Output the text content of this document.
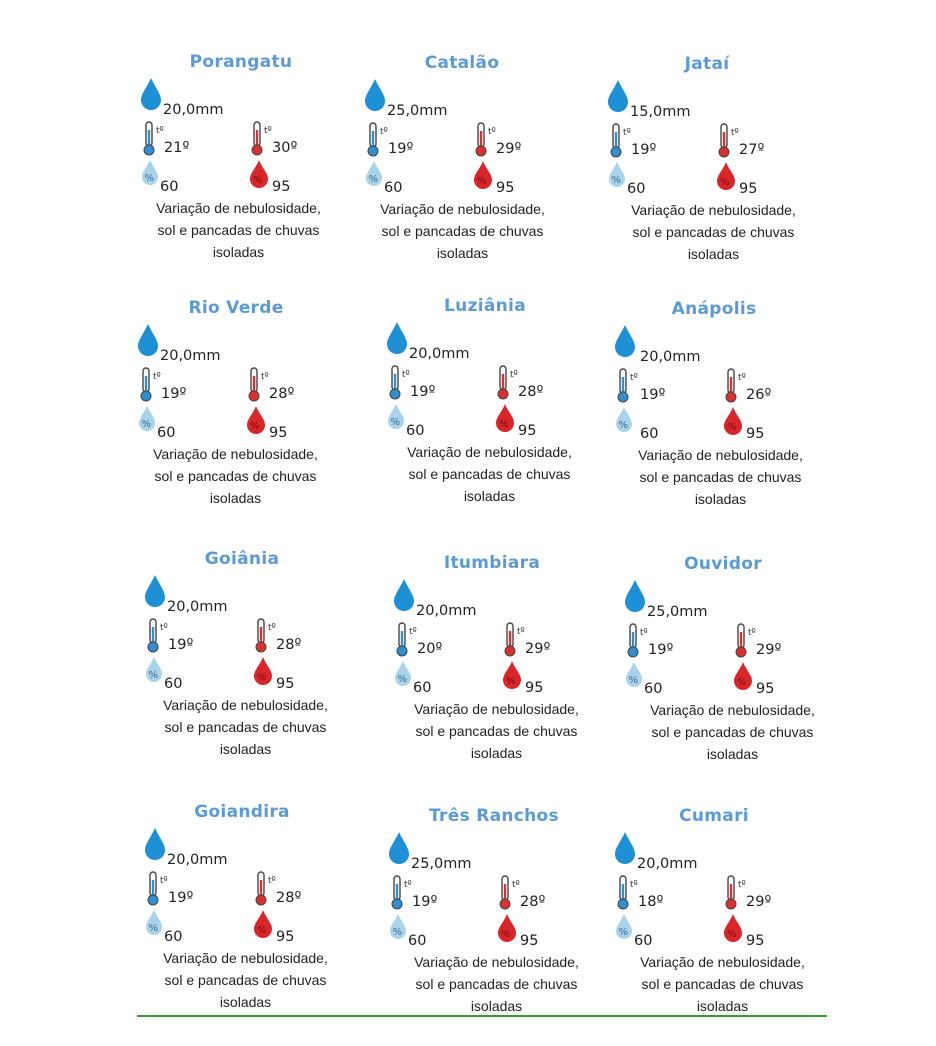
Porangatu
20,0mm
tº
21º
tº
30º
%
60	% 95
Variação de nebulosidade,
sol e pancadas de chuvas
isoladas
Catalão
25,0mm
tº
19º
tº
29º
%
60	% 95
Variação de nebulosidade,
sol e pancadas de chuvas
isoladas
Jataí
15,0mm
tº
19º
tº
27º
%
60	% 95
Variação de nebulosidade,
sol e pancadas de chuvas
isoladas
Rio Verde
20,0mm
tº
19º
tº
28º
%
60	% 95
Variação de nebulosidade,
sol e pancadas de chuvas
isoladas
Luziânia
20,0mm
tº
19º
tº
28º
%
60	% 95
Variação de nebulosidade,
sol e pancadas de chuvas
isoladas
Anápolis
20,0mm
tº
19º
tº
26º
%
60	% 95
Variação de nebulosidade,
sol e pancadas de chuvas
isoladas
Goiânia
20,0mm
tº
19º
tº
28º
%
60	% 95
Variação de nebulosidade,
sol e pancadas de chuvas
isoladas
Itumbiara
20,0mm
tº
20º
tº
29º
%
60	% 95
Variação de nebulosidade,
sol e pancadas de chuvas
isoladas
Ouvidor
25,0mm
tº
19º
tº
29º
%
60	% 95
Variação de nebulosidade,
sol e pancadas de chuvas
isoladas
Goiandira
20,0mm
tº
19º
tº
28º
%
60	% 95
Variação de nebulosidade,
sol e pancadas de chuvas
isoladas
Três Ranchos
25,0mm
tº
19º
tº
28º
%
60	% 95
Variação de nebulosidade,
sol e pancadas de chuvas
isoladas
Cumari
20,0mm
tº
18º
tº
29º
%
60	% 95
Variação de nebulosidade,
sol e pancadas de chuvas
isoladas
